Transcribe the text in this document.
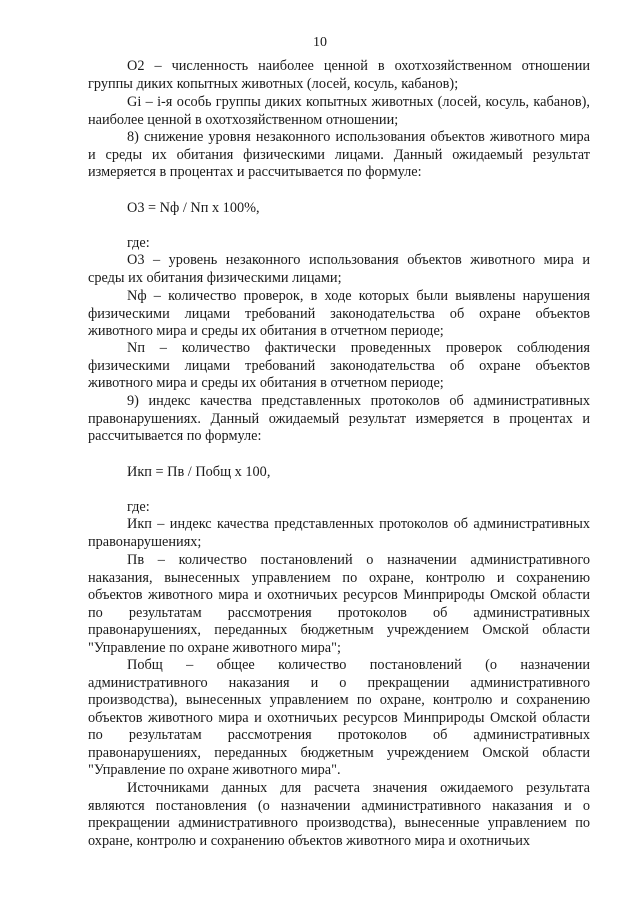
10

О2 – численность наиболее ценной в охотхозяйственном отношении группы диких копытных животных (лосей, косуль, кабанов);

Gi – i-я особь группы диких копытных животных (лосей, косуль, кабанов), наиболее ценной в охотхозяйственном отношении;

8) снижение уровня незаконного использования объектов животного мира и среды их обитания физическими лицами. Данный ожидаемый результат измеряется в процентах и рассчитывается по формуле:

О3 = Nф / Nп х 100%,

где:

О3 – уровень незаконного использования объектов животного мира и среды их обитания физическими лицами;

Nф – количество проверок, в ходе которых были выявлены нарушения физическими лицами требований законодательства об охране объектов животного мира и среды их обитания в отчетном периоде;

Nп – количество фактически проведенных проверок соблюдения физическими лицами требований законодательства об охране объектов животного мира и среды их обитания в отчетном периоде;

9) индекс качества представленных протоколов об административных правонарушениях. Данный ожидаемый результат измеряется в процентах и рассчитывается по формуле:

Икп = Пв / Побщ х 100,

где:

Икп – индекс качества представленных протоколов об административных правонарушениях;

Пв – количество постановлений о назначении административного наказания, вынесенных управлением по охране, контролю и сохранению объектов животного мира и охотничьих ресурсов Минприроды Омской области по результатам рассмотрения протоколов об административных правонарушениях, переданных бюджетным учреждением Омской области "Управление по охране животного мира";

Побщ – общее количество постановлений (о назначении административного наказания и о прекращении административного производства), вынесенных управлением по охране, контролю и сохранению объектов животного мира и охотничьих ресурсов Минприроды Омской области по результатам рассмотрения протоколов об административных правонарушениях, переданных бюджетным учреждением Омской области "Управление по охране животного мира".

Источниками данных для расчета значения ожидаемого результата являются постановления (о назначении административного наказания и о прекращении административного производства), вынесенные управлением по охране, контролю и сохранению объектов животного мира и охотничьих
